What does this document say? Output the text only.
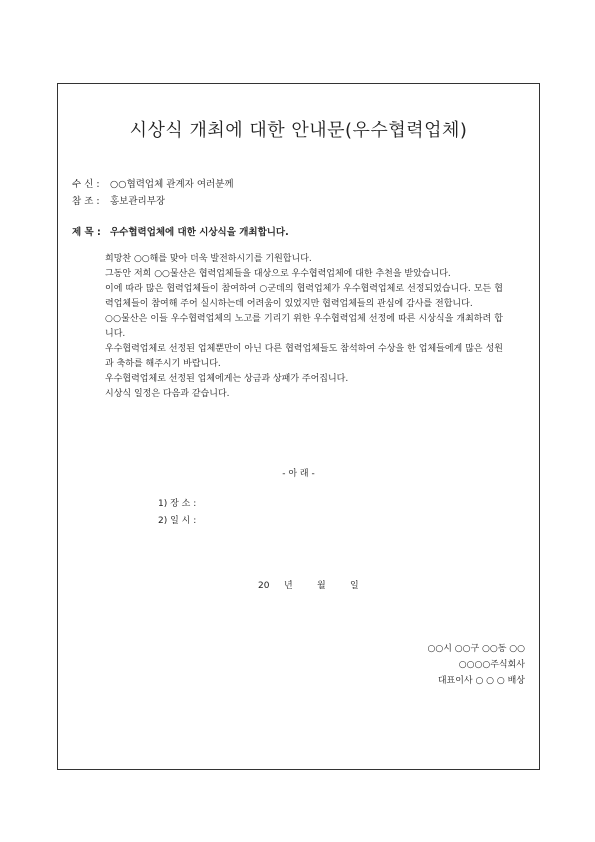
시상식 개최에 대한 안내문(우수협력업체)
수 신 : ○○협력업체 관계자 여러분께
참 조 : 홍보관리부장
제 목 : 우수협력업체에 대한 시상식을 개최합니다.

희망찬 ○○해를 맞아 더욱 발전하시기를 기원합니다.

그동안 저희 ○○물산은 협력업체들을 대상으로 우수협력업체에 대한 추천을 받았습니다.

이에 따라 많은 협력업체들이 참여하여 ○군데의 협력업체가 우수협력업체로 선정되었습니다. 모든 협력업체들이 참여해 주어 실시하는데 어려움이 있었지만 협력업체들의 관심에 감사를 전합니다.

○○물산은 이들 우수협력업체의 노고를 기리기 위한 우수협력업체 선정에 따른 시상식을 개최하려 합니다.

우수협력업체로 선정된 업체뿐만이 아닌 다른 협력업체들도 참석하여 수상을 한 업체들에게 많은 성원과 축하를 해주시기 바랍니다.

우수협력업체로 선정된 업체에게는 상금과 상패가 주어집니다.

시상식 일정은 다음과 같습니다.

- 아 래 -
1) 장 소 :
2) 일 시 :
20   년     월     일
○○시 ○○구 ○○동 ○○
○○○○주식회사
대표이사 ○ ○ ○ 배상
